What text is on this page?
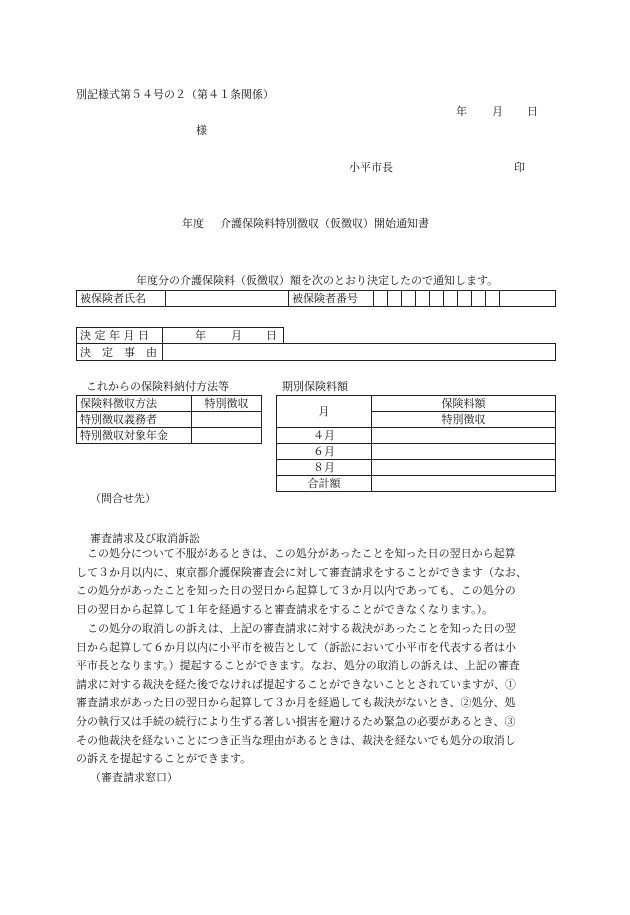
別記様式第５４号の２（第４１条関係）
年 月 日
様
小平市長	印
年度 介護保険料特別徴収（仮徴収）開始通知書
年度分の介護保険料（仮徴収）額を次のとおり決定したので通知します。
被保険者氏名		被保険者番号										
決 定 年 月 日	年 月 日
決　定　事　由
これからの保険料納付方法等
保険料徴収方法	特別徴収
特別徴収義務者	
特別徴収対象年金	
期別保険料額
月	保険料額
	特別徴収
４月	
６月	
８月	
合計額	
（問合せ先）
審査請求及び取消訴訟
この処分について不服があるときは、この処分があったことを知った日の翌日から起算
して３か月以内に、東京都介護保険審査会に対して審査請求をすることができます（なお、
この処分があったことを知った日の翌日から起算して３か月以内であっても、この処分の
日の翌日から起算して１年を経過すると審査請求をすることができなくなります。）。
この処分の取消しの訴えは、上記の審査請求に対する裁決があったことを知った日の翌
日から起算して６か月以内に小平市を被告として（訴訟において小平市を代表する者は小
平市長となります。）提起することができます。なお、処分の取消しの訴えは、上記の審査
請求に対する裁決を経た後でなければ提起することができないこととされていますが、①
審査請求があった日の翌日から起算して３か月を経過しても裁決がないとき、②処分、処
分の執行又は手続の続行により生ずる著しい損害を避けるため緊急の必要があるとき、③
その他裁決を経ないことにつき正当な理由があるときは、裁決を経ないでも処分の取消し
の訴えを提起することができます。
（審査請求窓口）
